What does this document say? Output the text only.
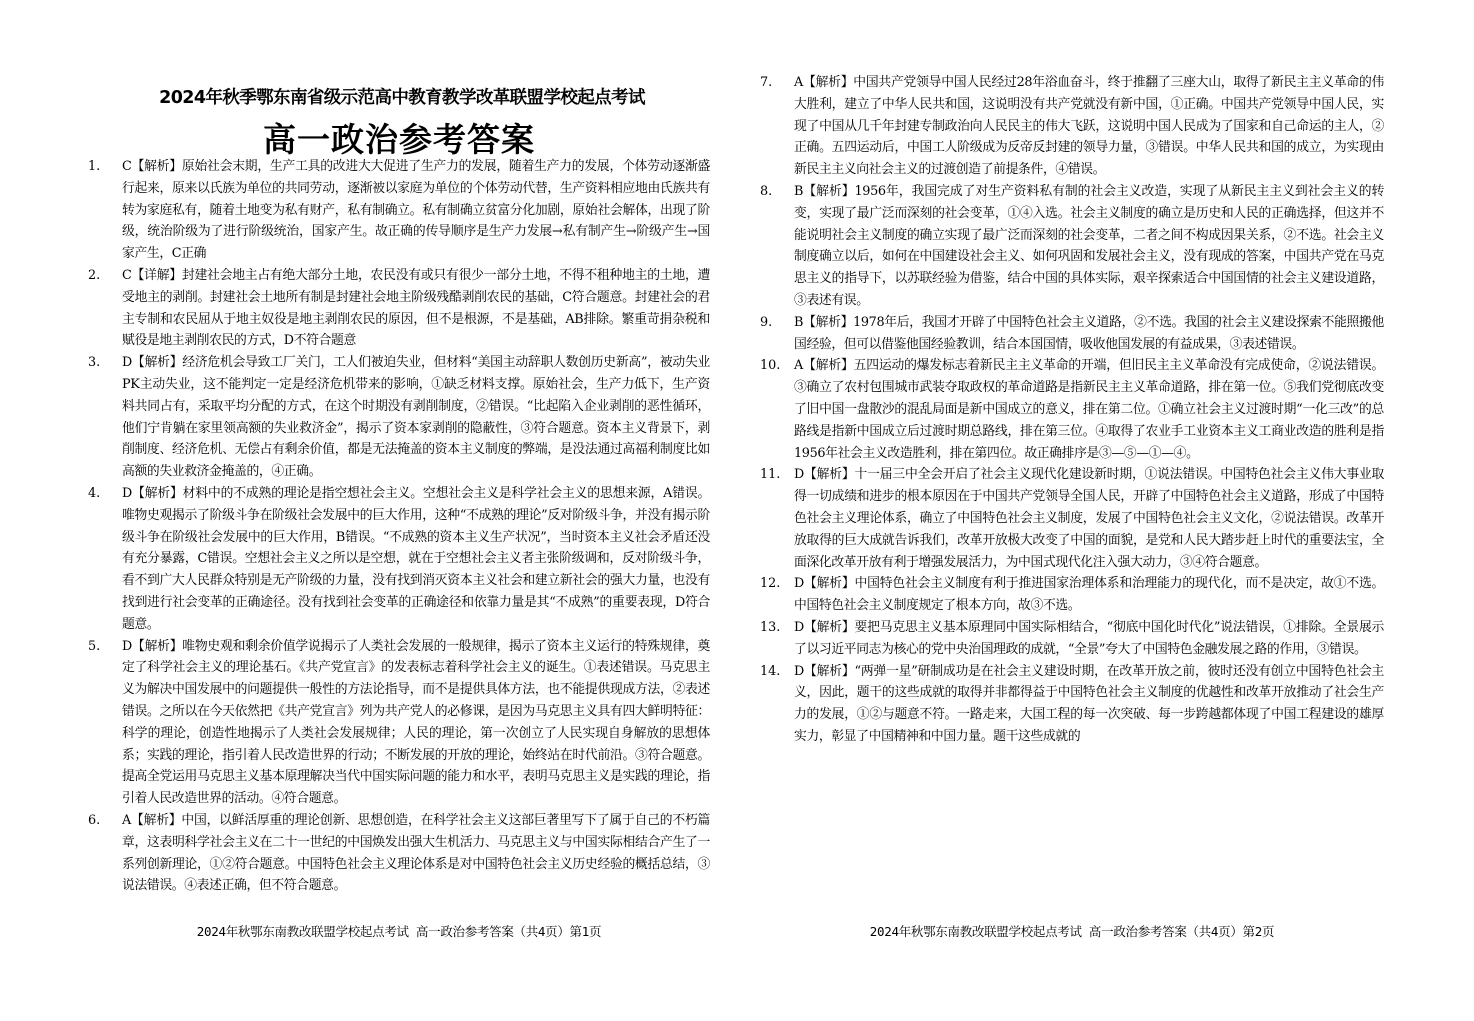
2024年秋季鄂东南省级示范高中教育教学改革联盟学校起点考试
高一政治参考答案
1.	C【解析】原始社会末期，生产工具的改进大大促进了生产力的发展，随着生产力的发展，个体劳动逐渐盛行起来，原来以氏族为单位的共同劳动，逐渐被以家庭为单位的个体劳动代替，生产资料相应地由氏族共有转为家庭私有，随着土地变为私有财产，私有制确立。私有制确立贫富分化加剧，原始社会解体，出现了阶级，统治阶级为了进行阶级统治，国家产生。故正确的传导顺序是生产力发展→私有制产生→阶级产生→国家产生，C正确
2.	C【详解】封建社会地主占有绝大部分土地，农民没有或只有很少一部分土地，不得不租种地主的土地，遭受地主的剥削。封建社会土地所有制是封建社会地主阶级残酷剥削农民的基础，C符合题意。封建社会的君主专制和农民屈从于地主奴役是地主剥削农民的原因，但不是根源，不是基础，AB排除。繁重苛捐杂税和赋役是地主剥削农民的方式，D不符合题意
3.	D【解析】经济危机会导致工厂关门，工人们被迫失业，但材料“美国主动辞职人数创历史新高”，被动失业PK主动失业，这不能判定一定是经济危机带来的影响，①缺乏材料支撑。原始社会，生产力低下，生产资料共同占有，采取平均分配的方式，在这个时期没有剥削制度，②错误。“比起陷入企业剥削的恶性循环，他们宁肯躺在家里领高额的失业救济金”，揭示了资本家剥削的隐蔽性，③符合题意。资本主义背景下，剥削制度、经济危机、无偿占有剩余价值，都是无法掩盖的资本主义制度的弊端，是没法通过高福利制度比如高额的失业救济金掩盖的，④正确。
4.	D【解析】材料中的不成熟的理论是指空想社会主义。空想社会主义是科学社会主义的思想来源，A错误。唯物史观揭示了阶级斗争在阶级社会发展中的巨大作用，这种“不成熟的理论”反对阶级斗争，并没有揭示阶级斗争在阶级社会发展中的巨大作用，B错误。“不成熟的资本主义生产状况”，当时资本主义社会矛盾还没有充分暴露，C错误。空想社会主义之所以是空想，就在于空想社会主义者主张阶级调和，反对阶级斗争，看不到广大人民群众特别是无产阶级的力量，没有找到消灭资本主义社会和建立新社会的强大力量，也没有找到进行社会变革的正确途径。没有找到社会变革的正确途径和依靠力量是其“不成熟”的重要表现，D符合题意。
5.	D【解析】唯物史观和剩余价值学说揭示了人类社会发展的一般规律，揭示了资本主义运行的特殊规律，奠定了科学社会主义的理论基石。《共产党宣言》的发表标志着科学社会主义的诞生。①表述错误。马克思主义为解决中国发展中的问题提供一般性的方法论指导，而不是提供具体方法，也不能提供现成方法，②表述错误。之所以在今天依然把《共产党宣言》列为共产党人的必修课，是因为马克思主义具有四大鲜明特征：科学的理论，创造性地揭示了人类社会发展规律；人民的理论，第一次创立了人民实现自身解放的思想体系；实践的理论，指引着人民改造世界的行动；不断发展的开放的理论，始终站在时代前沿。③符合题意。提高全党运用马克思主义基本原理解决当代中国实际问题的能力和水平，表明马克思主义是实践的理论，指引着人民改造世界的活动。④符合题意。
6.	A【解析】中国，以鲜活厚重的理论创新、思想创造，在科学社会主义这部巨著里写下了属于自己的不朽篇章，这表明科学社会主义在二十一世纪的中国焕发出强大生机活力、马克思主义与中国实际相结合产生了一系列创新理论，①②符合题意。中国特色社会主义理论体系是对中国特色社会主义历史经验的概括总结，③说法错误。④表述正确，但不符合题意。
2024年秋鄂东南教改联盟学校起点考试 高一政治参考答案（共4页）第1页
7.	A【解析】中国共产党领导中国人民经过28年浴血奋斗，终于推翻了三座大山，取得了新民主主义革命的伟大胜利，建立了中华人民共和国，这说明没有共产党就没有新中国，①正确。中国共产党领导中国人民，实现了中国从几千年封建专制政治向人民民主的伟大飞跃，这说明中国人民成为了国家和自己命运的主人，②正确。五四运动后，中国工人阶级成为反帝反封建的领导力量，③错误。中华人民共和国的成立，为实现由新民主主义向社会主义的过渡创造了前提条件，④错误。
8.	B【解析】1956年，我国完成了对生产资料私有制的社会主义改造，实现了从新民主主义到社会主义的转变，实现了最广泛而深刻的社会变革，①④入选。社会主义制度的确立是历史和人民的正确选择，但这并不能说明社会主义制度的确立实现了最广泛而深刻的社会变革，二者之间不构成因果关系，②不选。社会主义制度确立以后，如何在中国建设社会主义、如何巩固和发展社会主义，没有现成的答案，中国共产党在马克思主义的指导下，以苏联经验为借鉴，结合中国的具体实际，艰辛探索适合中国国情的社会主义建设道路，③表述有误。
9.	B【解析】1978年后，我国才开辟了中国特色社会主义道路，②不选。我国的社会主义建设探索不能照搬他国经验，但可以借鉴他国经验教训，结合本国国情，吸收他国发展的有益成果，③表述错误。
10.	A【解析】五四运动的爆发标志着新民主主义革命的开端，但旧民主主义革命没有完成使命，②说法错误。③确立了农村包围城市武装夺取政权的革命道路是指新民主主义革命道路，排在第一位。⑤我们党彻底改变了旧中国一盘散沙的混乱局面是新中国成立的意义，排在第二位。①确立社会主义过渡时期“一化三改”的总路线是指新中国成立后过渡时期总路线，排在第三位。④取得了农业手工业资本主义工商业改造的胜利是指1956年社会主义改造胜利，排在第四位。故正确排序是③—⑤—①—④。
11.	D【解析】十一届三中全会开启了社会主义现代化建设新时期，①说法错误。中国特色社会主义伟大事业取得一切成绩和进步的根本原因在于中国共产党领导全国人民，开辟了中国特色社会主义道路，形成了中国特色社会主义理论体系，确立了中国特色社会主义制度，发展了中国特色社会主义文化，②说法错误。改革开放取得的巨大成就告诉我们，改革开放极大改变了中国的面貌，是党和人民大踏步赶上时代的重要法宝，全面深化改革开放有利于增强发展活力，为中国式现代化注入强大动力，③④符合题意。
12.	D【解析】中国特色社会主义制度有利于推进国家治理体系和治理能力的现代化，而不是决定，故①不选。中国特色社会主义制度规定了根本方向，故③不选。
13.	D【解析】要把马克思主义基本原理同中国实际相结合，“彻底中国化时代化”说法错误，①排除。全景展示了以习近平同志为核心的党中央治国理政的成就，“全景”夸大了中国特色金融发展之路的作用，③错误。
14.	D【解析】“两弹一星”研制成功是在社会主义建设时期，在改革开放之前，彼时还没有创立中国特色社会主义，因此，题干的这些成就的取得并非都得益于中国特色社会主义制度的优越性和改革开放推动了社会生产力的发展，①②与题意不符。一路走来，大国工程的每一次突破、每一步跨越都体现了中国工程建设的雄厚实力，彰显了中国精神和中国力量。题干这些成就的
2024年秋鄂东南教改联盟学校起点考试 高一政治参考答案（共4页）第2页
